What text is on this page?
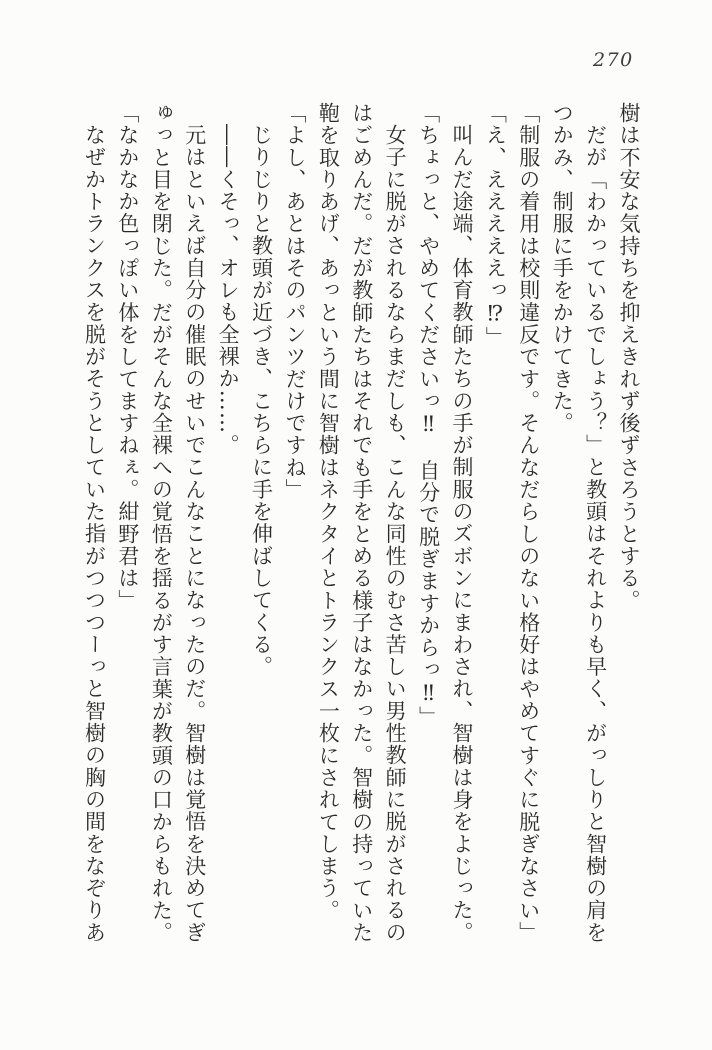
270
樹は不安な気持ちを抑えきれず後ずさろうとする。
だが「わかっているでしょう？」と教頭はそれよりも早く、がっしりと智樹の肩を
つかみ、制服に手をかけてきた。
「制服の着用は校則違反です。そんなだらしのない格好はやめてすぐに脱ぎなさい」
「え、えええええっ⁉」
叫んだ途端、体育教師たちの手が制服のズボンにまわされ、智樹は身をよじった。
「ちょっと、やめてくださいっ‼　自分で脱ぎますからっ‼」
女子に脱がされるならまだしも、こんな同性のむさ苦しい男性教師に脱がされるの
はごめんだ。だが教師たちはそれでも手をとめる様子はなかった。智樹の持っていた
鞄を取りあげ、あっという間に智樹はネクタイとトランクス一枚にされてしまう。
「よし、あとはそのパンツだけですね」
じりじりと教頭が近づき、こちらに手を伸ばしてくる。
――くそっ、オレも全裸か……。
元はといえば自分の催眠のせいでこんなことになったのだ。智樹は覚悟を決めてぎ
ゅっと目を閉じた。だがそんな全裸への覚悟を揺るがす言葉が教頭の口からもれた。
「なかなか色っぽい体をしてますねぇ。紺野君は」
なぜかトランクスを脱がそうとしていた指がつつつーっと智樹の胸の間をなぞりあ
